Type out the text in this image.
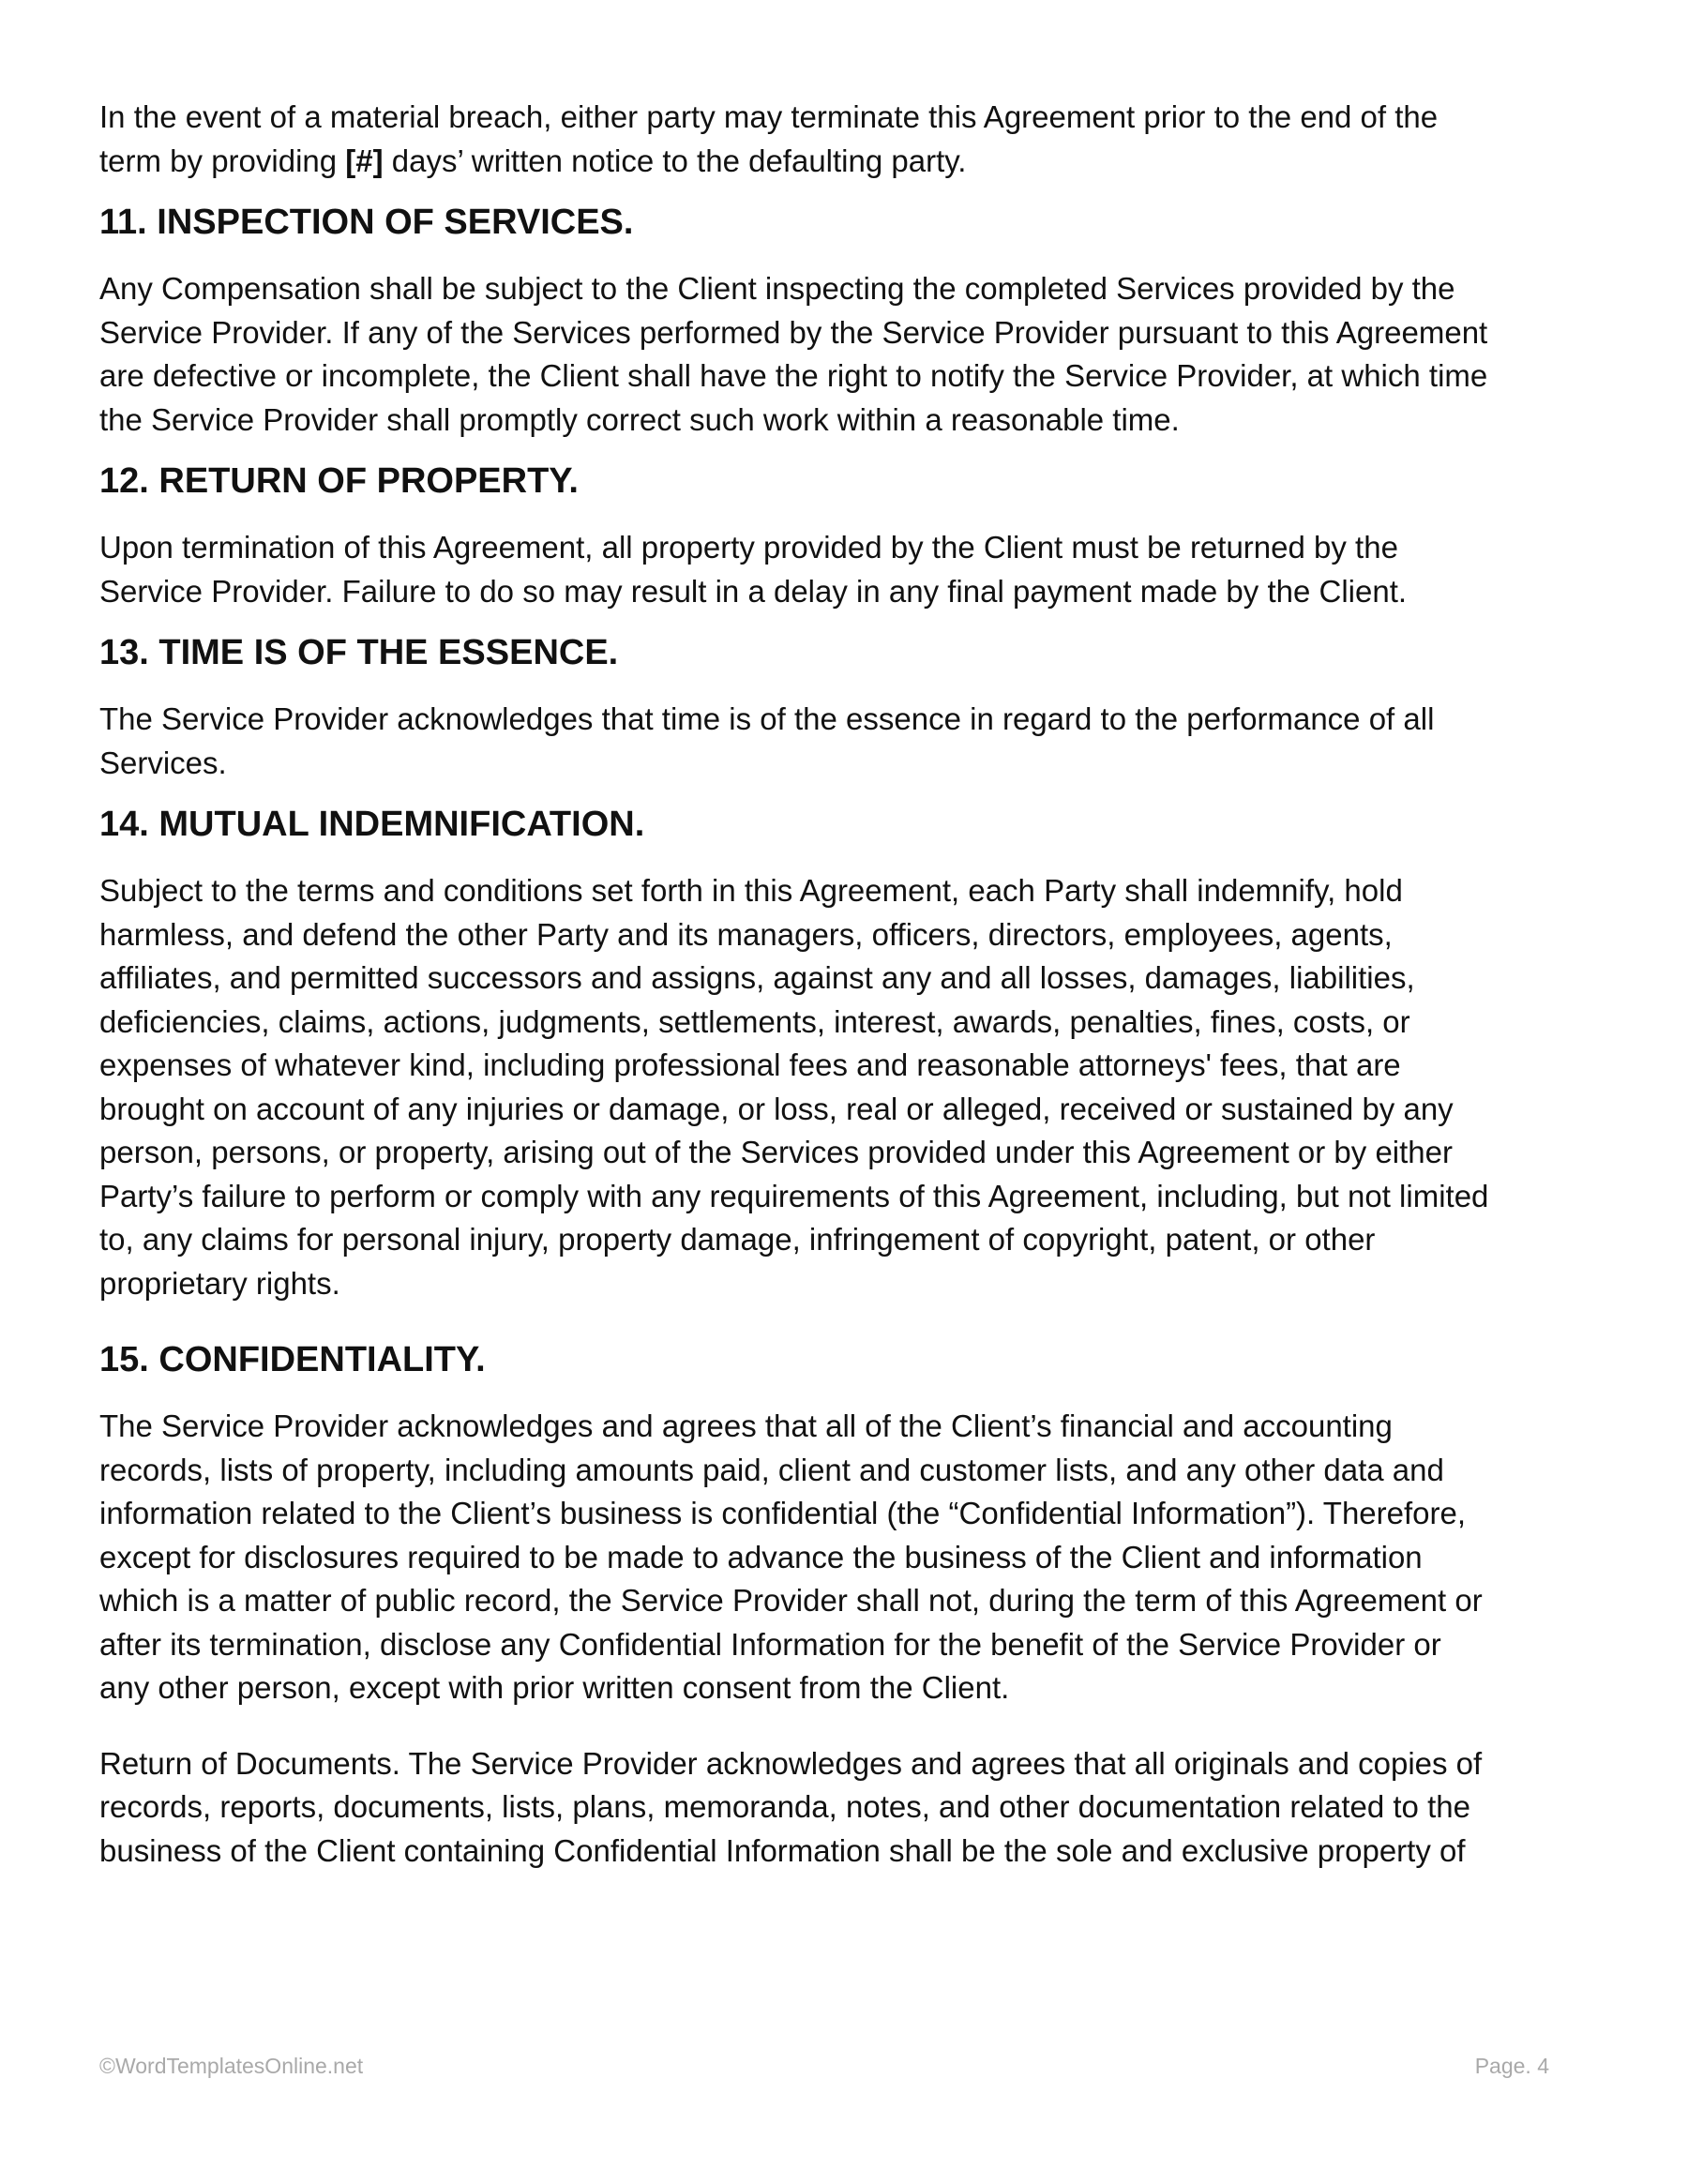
In the event of a material breach, either party may terminate this Agreement prior to the end of the
term by providing [#] days’ written notice to the defaulting party.

11. INSPECTION OF SERVICES.

Any Compensation shall be subject to the Client inspecting the completed Services provided by the
Service Provider. If any of the Services performed by the Service Provider pursuant to this Agreement
are defective or incomplete, the Client shall have the right to notify the Service Provider, at which time
the Service Provider shall promptly correct such work within a reasonable time.

12. RETURN OF PROPERTY.

Upon termination of this Agreement, all property provided by the Client must be returned by the
Service Provider. Failure to do so may result in a delay in any final payment made by the Client.

13. TIME IS OF THE ESSENCE.

The Service Provider acknowledges that time is of the essence in regard to the performance of all
Services.

14. MUTUAL INDEMNIFICATION.

Subject to the terms and conditions set forth in this Agreement, each Party shall indemnify, hold
harmless, and defend the other Party and its managers, officers, directors, employees, agents,
affiliates, and permitted successors and assigns, against any and all losses, damages, liabilities,
deficiencies, claims, actions, judgments, settlements, interest, awards, penalties, fines, costs, or
expenses of whatever kind, including professional fees and reasonable attorneys' fees, that are
brought on account of any injuries or damage, or loss, real or alleged, received or sustained by any
person, persons, or property, arising out of the Services provided under this Agreement or by either
Party’s failure to perform or comply with any requirements of this Agreement, including, but not limited
to, any claims for personal injury, property damage, infringement of copyright, patent, or other
proprietary rights.

15. CONFIDENTIALITY.

The Service Provider acknowledges and agrees that all of the Client’s financial and accounting
records, lists of property, including amounts paid, client and customer lists, and any other data and
information related to the Client’s business is confidential (the “Confidential Information”). Therefore,
except for disclosures required to be made to advance the business of the Client and information
which is a matter of public record, the Service Provider shall not, during the term of this Agreement or
after its termination, disclose any Confidential Information for the benefit of the Service Provider or
any other person, except with prior written consent from the Client.

Return of Documents. The Service Provider acknowledges and agrees that all originals and copies of
records, reports, documents, lists, plans, memoranda, notes, and other documentation related to the
business of the Client containing Confidential Information shall be the sole and exclusive property of

©WordTemplatesOnline.net	Page. 4
